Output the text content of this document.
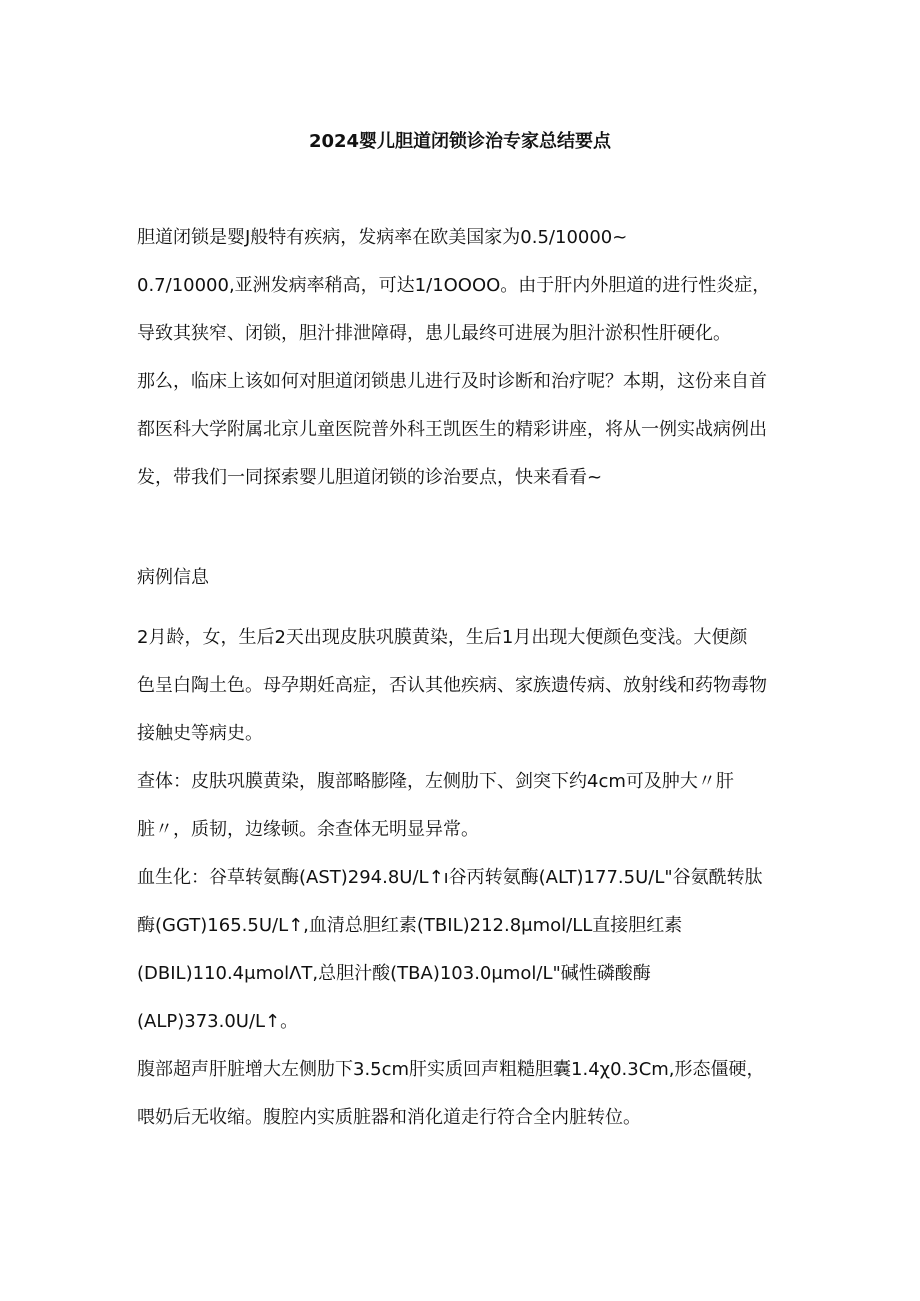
2024婴儿胆道闭锁诊治专家总结要点
胆道闭锁是婴J般特有疾病，发病率在欧美国家为0.5/10000~
0.7/10000,亚洲发病率稍高，可达1/1OOOO。由于肝内外胆道的进行性炎症，
导致其狭窄、闭锁，胆汁排泄障碍，患儿最终可进展为胆汁淤积性肝硬化。
那么，临床上该如何对胆道闭锁患儿进行及时诊断和治疗呢？本期，这份来自首
都医科大学附属北京儿童医院普外科王凯医生的精彩讲座，将从一例实战病例出
发，带我们一同探索婴儿胆道闭锁的诊治要点，快来看看~
病例信息
2月龄，女，生后2天出现皮肤巩膜黄染，生后1月出现大便颜色变浅。大便颜
色呈白陶土色。母孕期妊高症，否认其他疾病、家族遗传病、放射线和药物毒物
接触史等病史。
查体：皮肤巩膜黄染，腹部略膨隆，左侧肋下、剑突下约4cm可及肿大〃肝
脏〃，质韧，边缘顿。余查体无明显异常。
血生化：谷草转氨酶(AST)294.8U/L↑ı谷丙转氨酶(ALT)177.5U/L"谷氨酰转肽
酶(GGT)165.5U/L↑,血清总胆红素(TBIL)212.8μmol/LL直接胆红素
(DBIL)110.4μmolΛT,总胆汁酸(TBA)103.0μmol/L"碱性磷酸酶
(ALP)373.0U/L↑。
腹部超声肝脏增大左侧肋下3.5cm肝实质回声粗糙胆囊1.4χ0.3Cm,形态僵硬，
喂奶后无收缩。腹腔内实质脏器和消化道走行符合全内脏转位。
